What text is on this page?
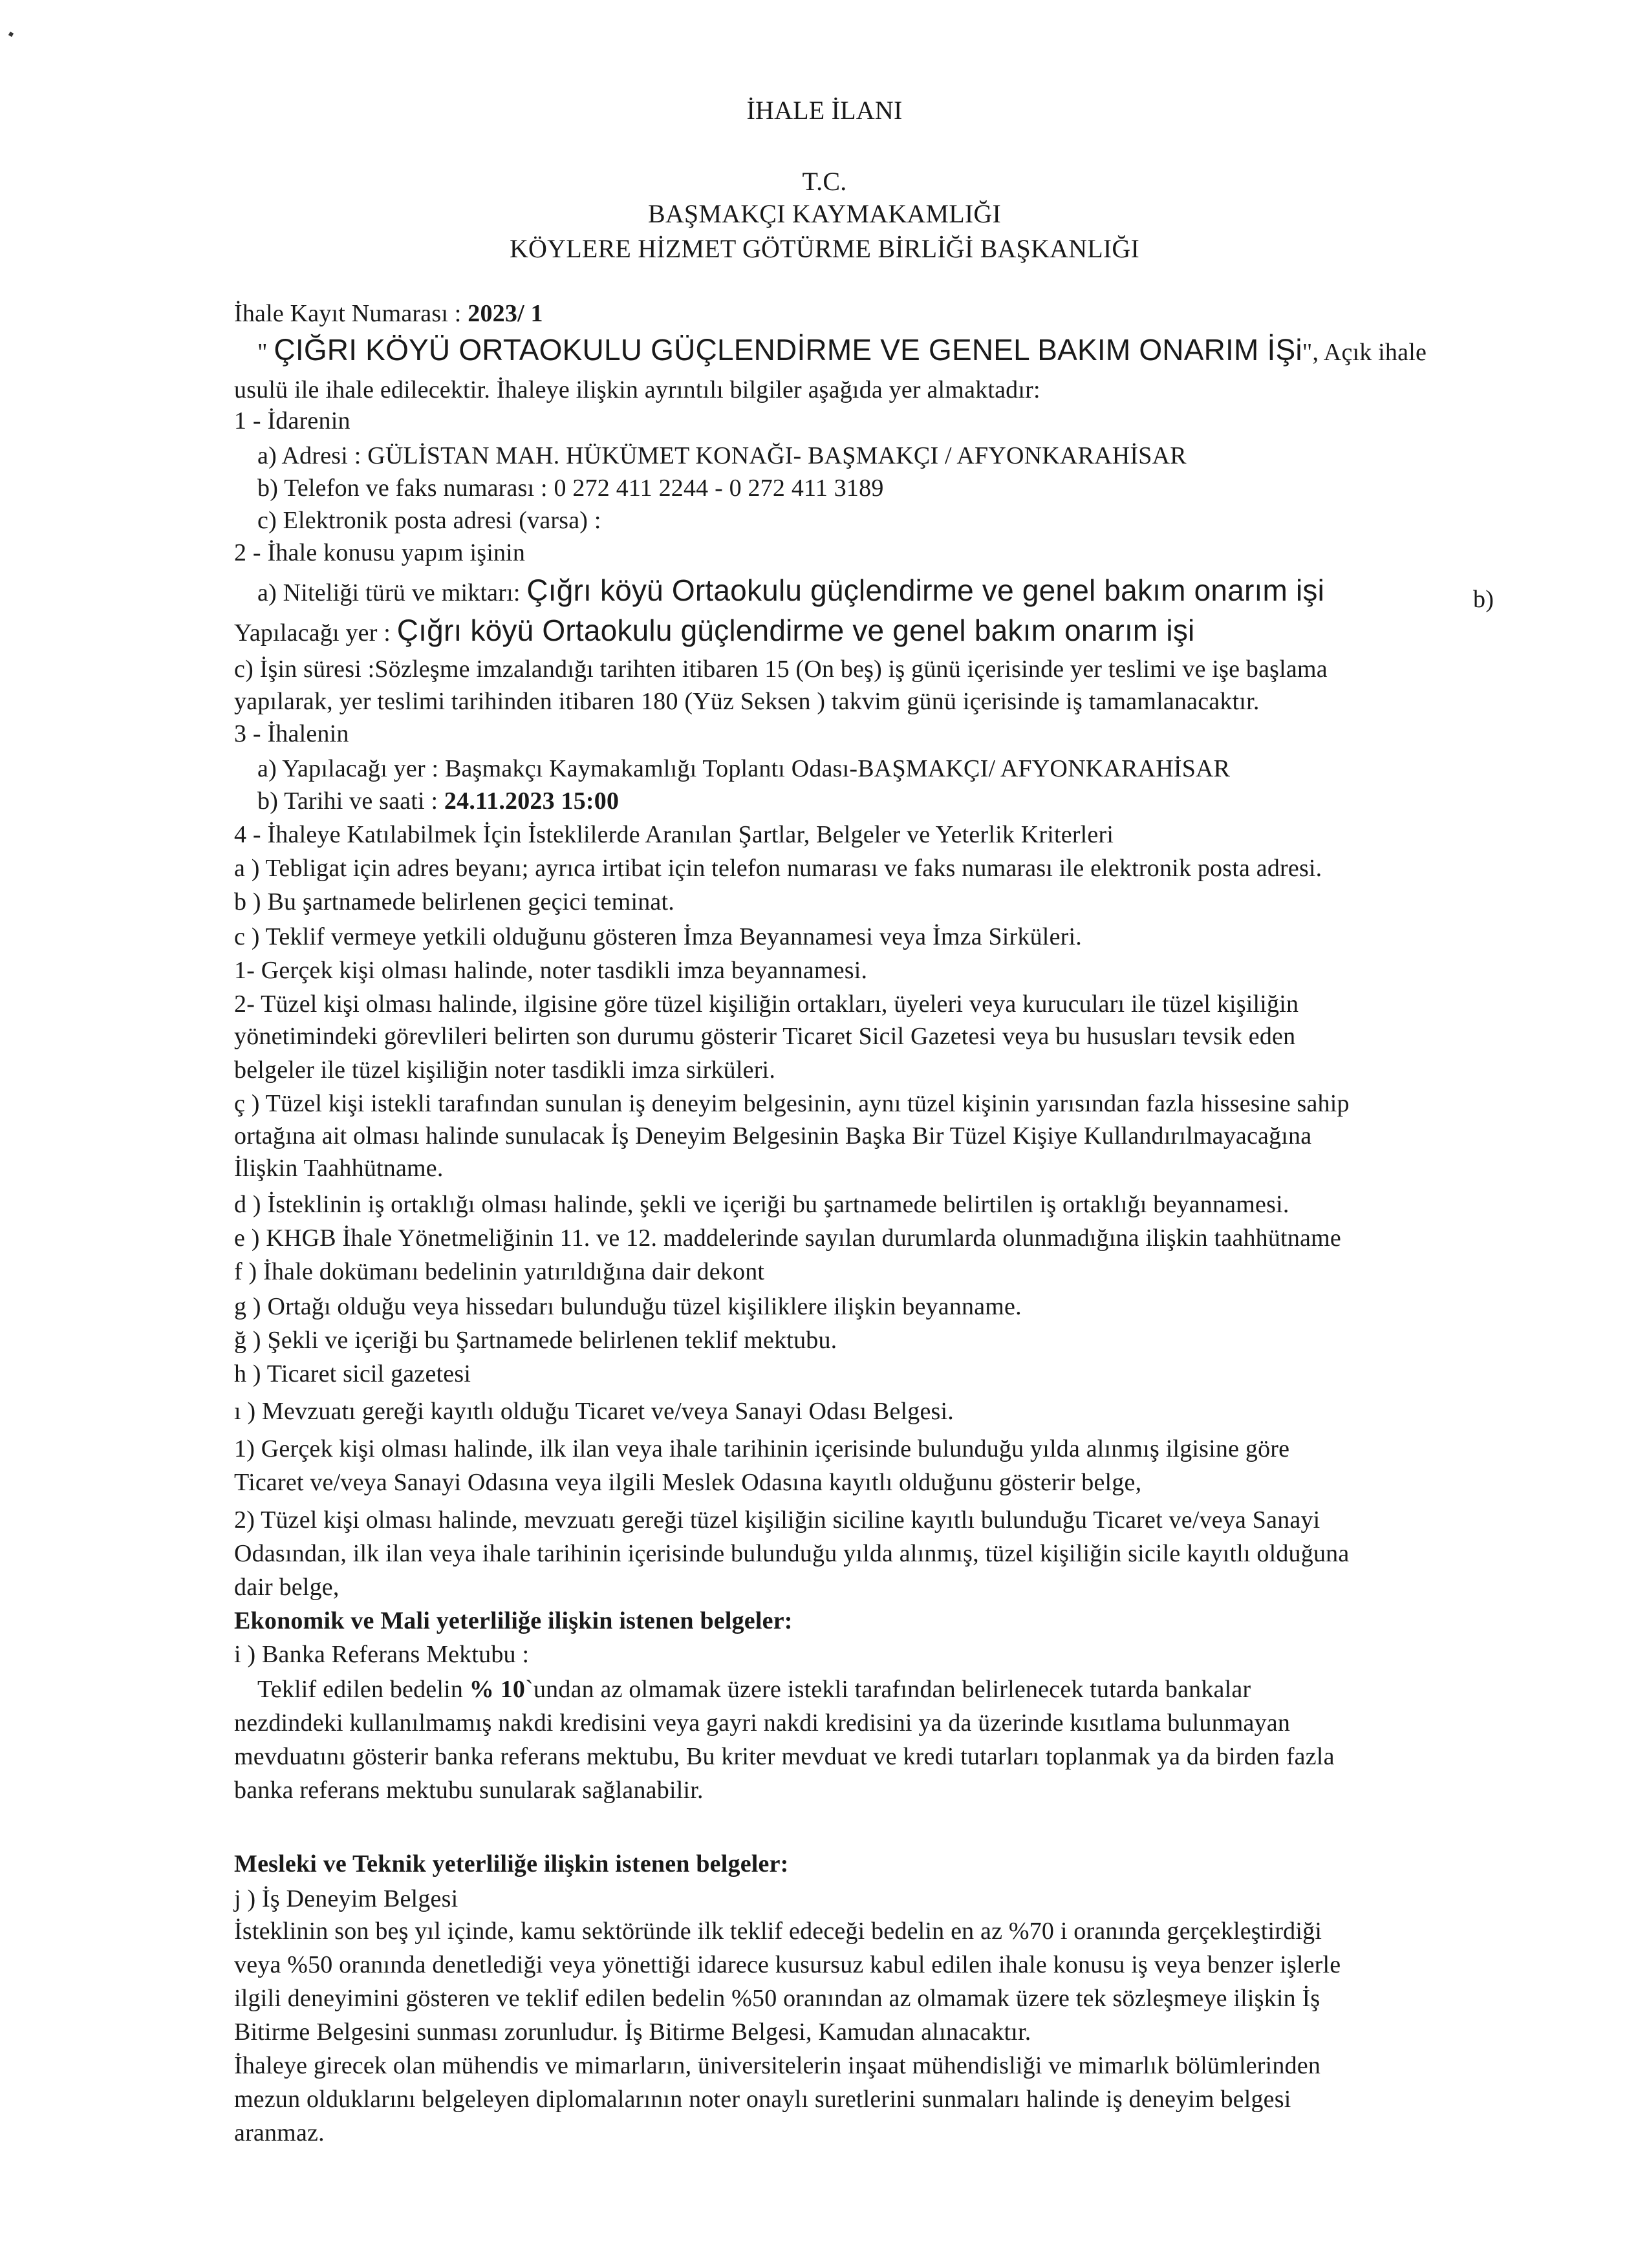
İHALE İLANI
T.C.
BAŞMAKÇI KAYMAKAMLIĞI
KÖYLERE HİZMET GÖTÜRME BİRLİĞİ BAŞKANLIĞI
İhale Kayıt Numarası : 2023/ 1
" ÇIĞRI KÖYÜ ORTAOKULU GÜÇLENDİRME VE GENEL BAKIM ONARIM İŞi", Açık ihale
usulü ile ihale edilecektir. İhaleye ilişkin ayrıntılı bilgiler aşağıda yer almaktadır:
1 - İdarenin
a) Adresi : GÜLİSTAN MAH. HÜKÜMET KONAĞI- BAŞMAKÇI / AFYONKARAHİSAR
b) Telefon ve faks numarası : 0 272 411 2244 - 0 272 411 3189
c) Elektronik posta adresi (varsa) :
2 - İhale konusu yapım işinin
a) Niteliği türü ve miktarı: Çığrı köyü Ortaokulu güçlendirme ve genel bakım onarım işi	b)
Yapılacağı yer : Çığrı köyü Ortaokulu güçlendirme ve genel bakım onarım işi
c) İşin süresi :Sözleşme imzalandığı tarihten itibaren 15 (On beş) iş günü içerisinde yer teslimi ve işe başlama
yapılarak, yer teslimi tarihinden itibaren 180 (Yüz Seksen ) takvim günü içerisinde iş tamamlanacaktır.
3 - İhalenin
a) Yapılacağı yer : Başmakçı Kaymakamlığı Toplantı Odası-BAŞMAKÇI/ AFYONKARAHİSAR
b) Tarihi ve saati : 24.11.2023 15:00
4 - İhaleye Katılabilmek İçin İsteklilerde Aranılan Şartlar, Belgeler ve Yeterlik Kriterleri
a ) Tebligat için adres beyanı; ayrıca irtibat için telefon numarası ve faks numarası ile elektronik posta adresi.
b ) Bu şartnamede belirlenen geçici teminat.
c ) Teklif vermeye yetkili olduğunu gösteren İmza Beyannamesi veya İmza Sirküleri.
1- Gerçek kişi olması halinde, noter tasdikli imza beyannamesi.
2- Tüzel kişi olması halinde, ilgisine göre tüzel kişiliğin ortakları, üyeleri veya kurucuları ile tüzel kişiliğin
yönetimindeki görevlileri belirten son durumu gösterir Ticaret Sicil Gazetesi veya bu hususları tevsik eden
belgeler ile tüzel kişiliğin noter tasdikli imza sirküleri.
ç ) Tüzel kişi istekli tarafından sunulan iş deneyim belgesinin, aynı tüzel kişinin yarısından fazla hissesine sahip
ortağına ait olması halinde sunulacak İş Deneyim Belgesinin Başka Bir Tüzel Kişiye Kullandırılmayacağına
İlişkin Taahhütname.
d ) İsteklinin iş ortaklığı olması halinde, şekli ve içeriği bu şartnamede belirtilen iş ortaklığı beyannamesi.
e ) KHGB İhale Yönetmeliğinin 11. ve 12. maddelerinde sayılan durumlarda olunmadığına ilişkin taahhütname
f ) İhale dokümanı bedelinin yatırıldığına dair dekont
g ) Ortağı olduğu veya hissedarı bulunduğu tüzel kişiliklere ilişkin beyanname.
ğ ) Şekli ve içeriği bu Şartnamede belirlenen teklif mektubu.
h ) Ticaret sicil gazetesi
ı ) Mevzuatı gereği kayıtlı olduğu Ticaret ve/veya Sanayi Odası Belgesi.
1) Gerçek kişi olması halinde, ilk ilan veya ihale tarihinin içerisinde bulunduğu yılda alınmış ilgisine göre
Ticaret ve/veya Sanayi Odasına veya ilgili Meslek Odasına kayıtlı olduğunu gösterir belge,
2) Tüzel kişi olması halinde, mevzuatı gereği tüzel kişiliğin siciline kayıtlı bulunduğu Ticaret ve/veya Sanayi
Odasından, ilk ilan veya ihale tarihinin içerisinde bulunduğu yılda alınmış, tüzel kişiliğin sicile kayıtlı olduğuna
dair belge,
Ekonomik ve Mali yeterliliğe ilişkin istenen belgeler:
i ) Banka Referans Mektubu :
Teklif edilen bedelin % 10`undan az olmamak üzere istekli tarafından belirlenecek tutarda bankalar
nezdindeki kullanılmamış nakdi kredisini veya gayri nakdi kredisini ya da üzerinde kısıtlama bulunmayan
mevduatını gösterir banka referans mektubu, Bu kriter mevduat ve kredi tutarları toplanmak ya da birden fazla
banka referans mektubu sunularak sağlanabilir.
Mesleki ve Teknik yeterliliğe ilişkin istenen belgeler:
j ) İş Deneyim Belgesi
İsteklinin son beş yıl içinde, kamu sektöründe ilk teklif edeceği bedelin en az %70 i oranında gerçekleştirdiği
veya %50 oranında denetlediği veya yönettiği idarece kusursuz kabul edilen ihale konusu iş veya benzer işlerle
ilgili deneyimini gösteren ve teklif edilen bedelin %50 oranından az olmamak üzere tek sözleşmeye ilişkin İş
Bitirme Belgesini sunması zorunludur. İş Bitirme Belgesi, Kamudan alınacaktır.
İhaleye girecek olan mühendis ve mimarların, üniversitelerin inşaat mühendisliği ve mimarlık bölümlerinden
mezun olduklarını belgeleyen diplomalarının noter onaylı suretlerini sunmaları halinde iş deneyim belgesi
aranmaz.
